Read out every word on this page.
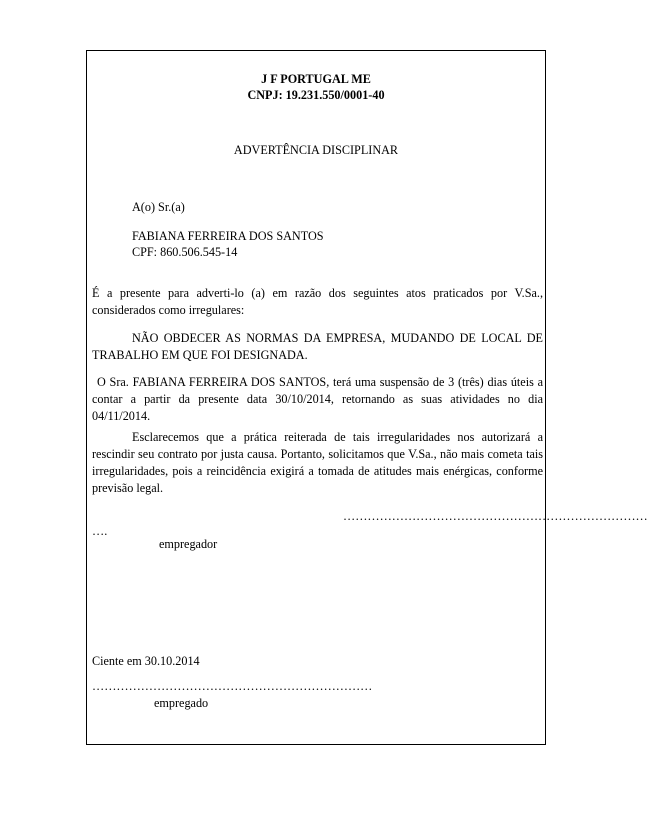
J F PORTUGAL ME
CNPJ: 19.231.550/0001-40
ADVERTÊNCIA DISCIPLINAR
A(o) Sr.(a)
FABIANA FERREIRA DOS SANTOS
CPF: 860.506.545-14
É a presente para adverti-lo (a) em razão dos seguintes atos praticados por V.Sa., considerados como irregulares:
NÃO OBDECER AS NORMAS DA EMPRESA, MUDANDO DE LOCAL DE TRABALHO EM QUE FOI DESIGNADA.
O Sra. FABIANA FERREIRA DOS SANTOS, terá uma suspensão de 3 (três) dias úteis a contar a partir da presente data 30/10/2014, retornando as suas atividades no dia 04/11/2014.
Esclarecemos que a prática reiterada de tais irregularidades nos autorizará a rescindir seu contrato por justa causa. Portanto, solicitamos que V.Sa., não mais cometa tais irregularidades, pois a reincidência exigirá a tomada de atitudes mais enérgicas, conforme previsão legal.
…………………………………………………………………
….
empregador
Ciente em 30.10.2014
……………………………………………………………
empregado
